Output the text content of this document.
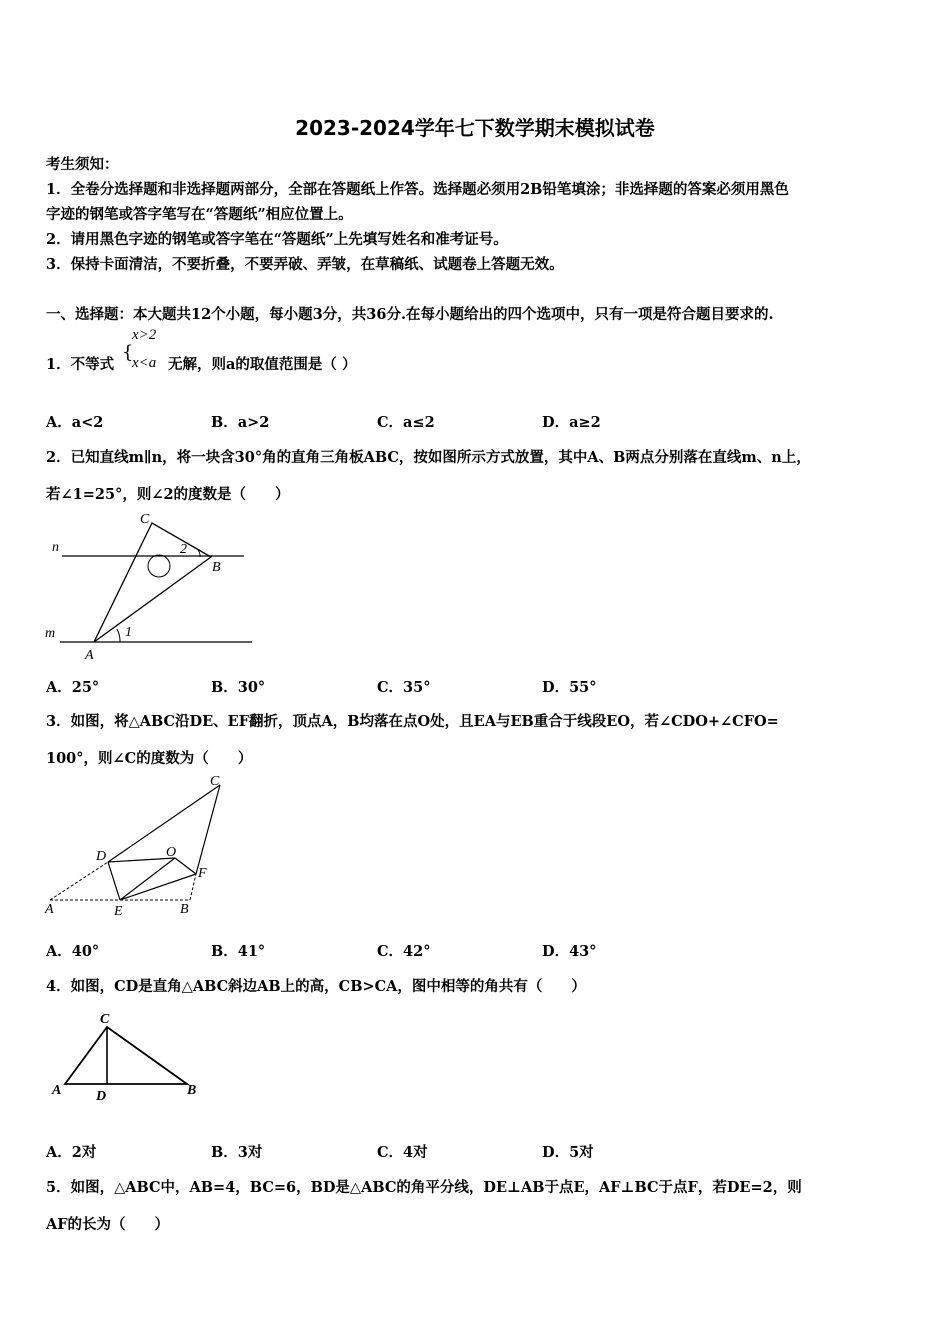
2023-2024学年七下数学期末模拟试卷
考生须知：
1．全卷分选择题和非选择题两部分，全部在答题纸上作答。选择题必须用2B铅笔填涂；非选择题的答案必须用黑色
字迹的钢笔或答字笔写在“答题纸”相应位置上。
2．请用黑色字迹的钢笔或答字笔在“答题纸”上先填写姓名和准考证号。
3．保持卡面清洁，不要折叠，不要弄破、弄皱，在草稿纸、试题卷上答题无效。
一、选择题：本大题共12个小题，每小题3分，共36分.在每小题给出的四个选项中，只有一项是符合题目要求的.
1．不等式
{
x>2
x<a 无解，则a的取值范围是（ ）
A．a<2	B．a>2	C．a≤2	D．a≥2
2．已知直线m∥n，将一块含30°角的直角三角板ABC，按如图所示方式放置，其中A、B两点分别落在直线m、n上，
若∠1=25°，则∠2的度数是（　　）
C
n	2
B
m	1
A
A．25°	B．30°	C．35°	D．55°
3．如图，将△ABC沿DE、EF翻折，顶点A，B均落在点O处，且EA与EB重合于线段EO，若∠CDO+∠CFO=
100°，则∠C的度数为（　　）
C
D	O
F
A	E	B
A．40°	B．41°	C．42°	D．43°
4．如图，CD是直角△ABC斜边AB上的高，CB>CA，图中相等的角共有（　　）
C
A D	B
A．2对	B．3对	C．4对	D．5对
5．如图，△ABC中，AB=4，BC=6，BD是△ABC的角平分线，DE⊥AB于点E，AF⊥BC于点F，若DE=2，则
AF的长为（　　）
